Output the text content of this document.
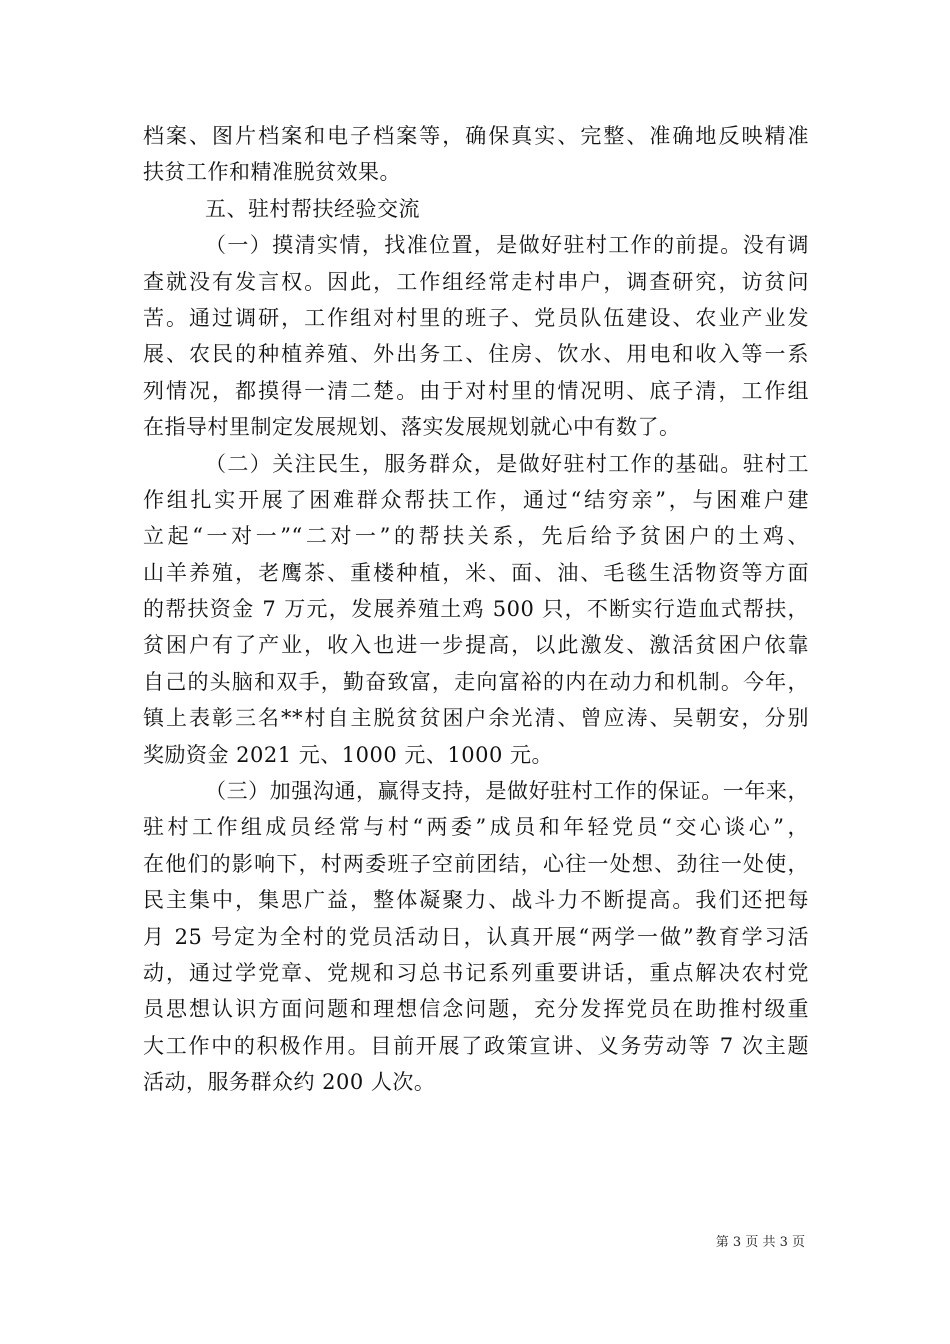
档案、图片档案和电子档案等，确保真实、完整、准确地反映精准
扶贫工作和精准脱贫效果。
五、驻村帮扶经验交流
（一）摸清实情，找准位置，是做好驻村工作的前提。没有调
查就没有发言权。因此，工作组经常走村串户，调查研究，访贫问
苦。通过调研，工作组对村里的班子、党员队伍建设、农业产业发
展、农民的种植养殖、外出务工、住房、饮水、用电和收入等一系
列情况，都摸得一清二楚。由于对村里的情况明、底子清，工作组
在指导村里制定发展规划、落实发展规划就心中有数了。
（二）关注民生，服务群众，是做好驻村工作的基础。驻村工
作组扎实开展了困难群众帮扶工作，通过“结穷亲”，与困难户建
立起“一对一”“二对一”的帮扶关系，先后给予贫困户的土鸡、
山羊养殖，老鹰茶、重楼种植，米、面、油、毛毯生活物资等方面
的帮扶资金 7 万元，发展养殖土鸡 500 只，不断实行造血式帮扶，
贫困户有了产业，收入也进一步提高，以此激发、激活贫困户依靠
自己的头脑和双手，勤奋致富，走向富裕的内在动力和机制。今年，
镇上表彰三名**村自主脱贫贫困户余光清、曾应涛、吴朝安，分别
奖励资金 2021 元、1000 元、1000 元。
（三）加强沟通，赢得支持，是做好驻村工作的保证。一年来，
驻村工作组成员经常与村“两委”成员和年轻党员“交心谈心”，
在他们的影响下，村两委班子空前团结，心往一处想、劲往一处使，
民主集中，集思广益，整体凝聚力、战斗力不断提高。我们还把每
月 25 号定为全村的党员活动日，认真开展“两学一做”教育学习活
动，通过学党章、党规和习总书记系列重要讲话，重点解决农村党
员思想认识方面问题和理想信念问题，充分发挥党员在助推村级重
大工作中的积极作用。目前开展了政策宣讲、义务劳动等 7 次主题
活动，服务群众约 200 人次。
第 3 页 共 3 页
